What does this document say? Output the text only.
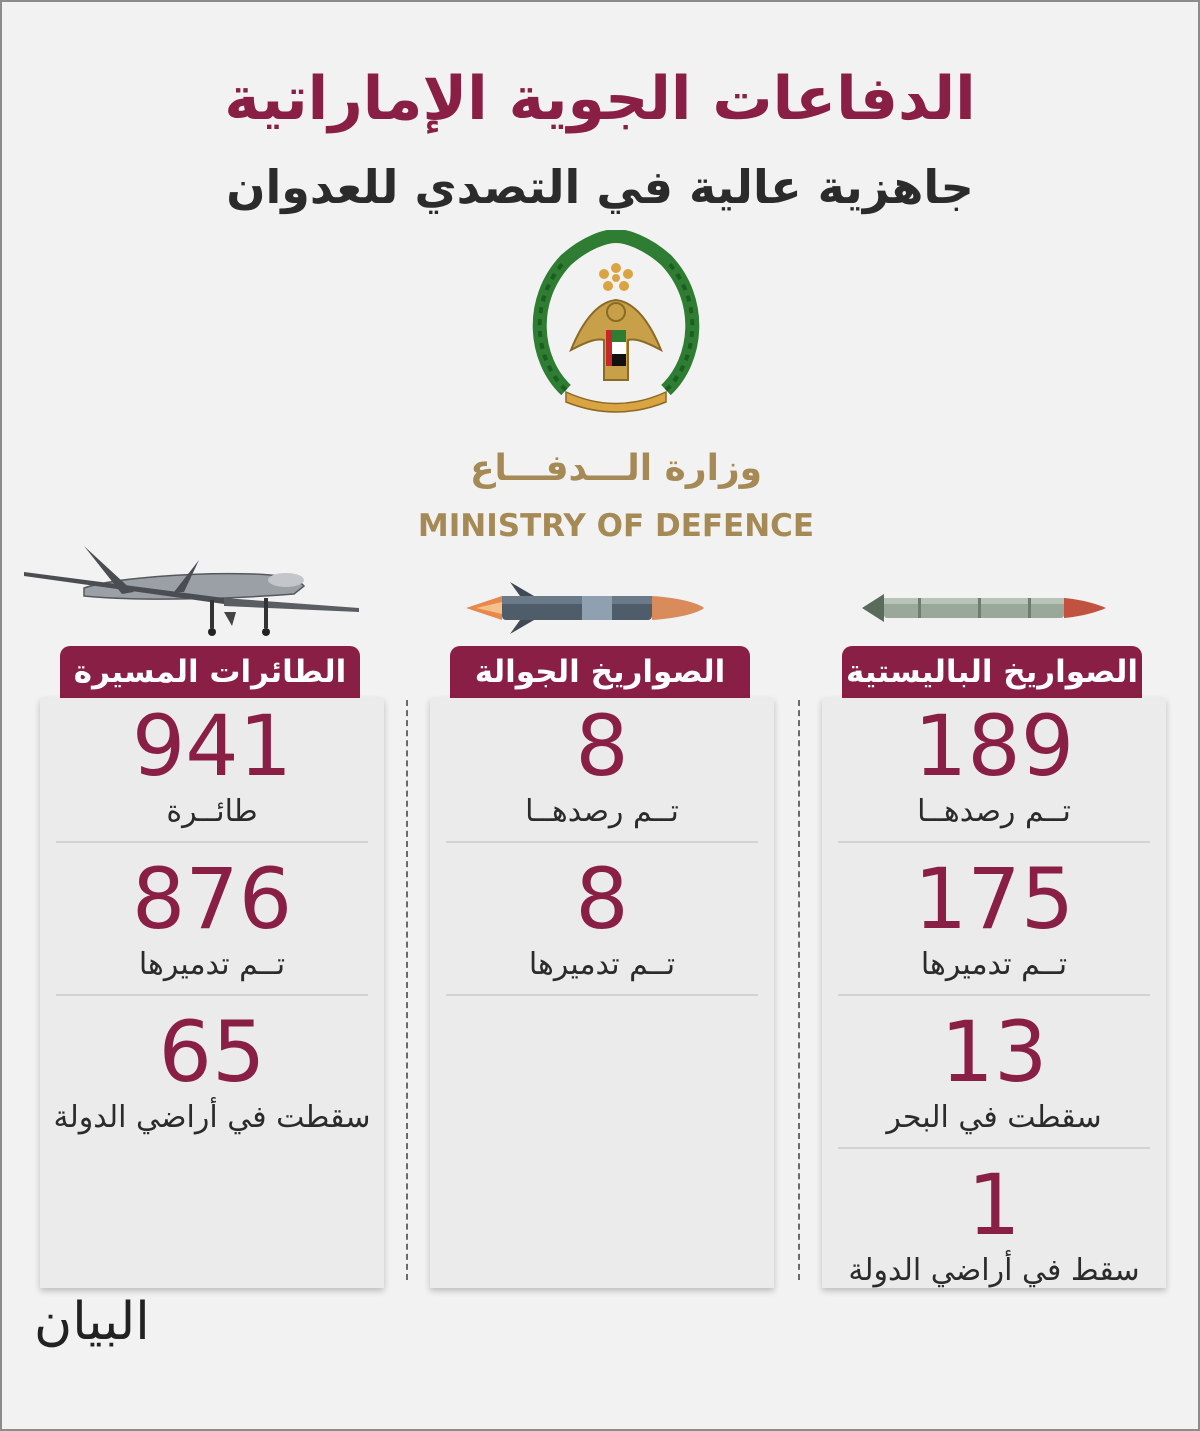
الدفاعات الجوية الإماراتية
جاهزية عالية في التصدي للعدوان
وزارة الـــدفـــاع
MINISTRY OF DEFENCE
الطائرات المسيرة
941
طائــرة
876
تــم تدميرها
65
سقطت في أراضي الدولة
الصواريخ الجوالة
8
تــم رصدهــا
8
تــم تدميرها
الصواريخ الباليستية
189
تــم رصدهــا
175
تــم تدميرها
13
سقطت في البحر
1
سقط في أراضي الدولة
البيان
